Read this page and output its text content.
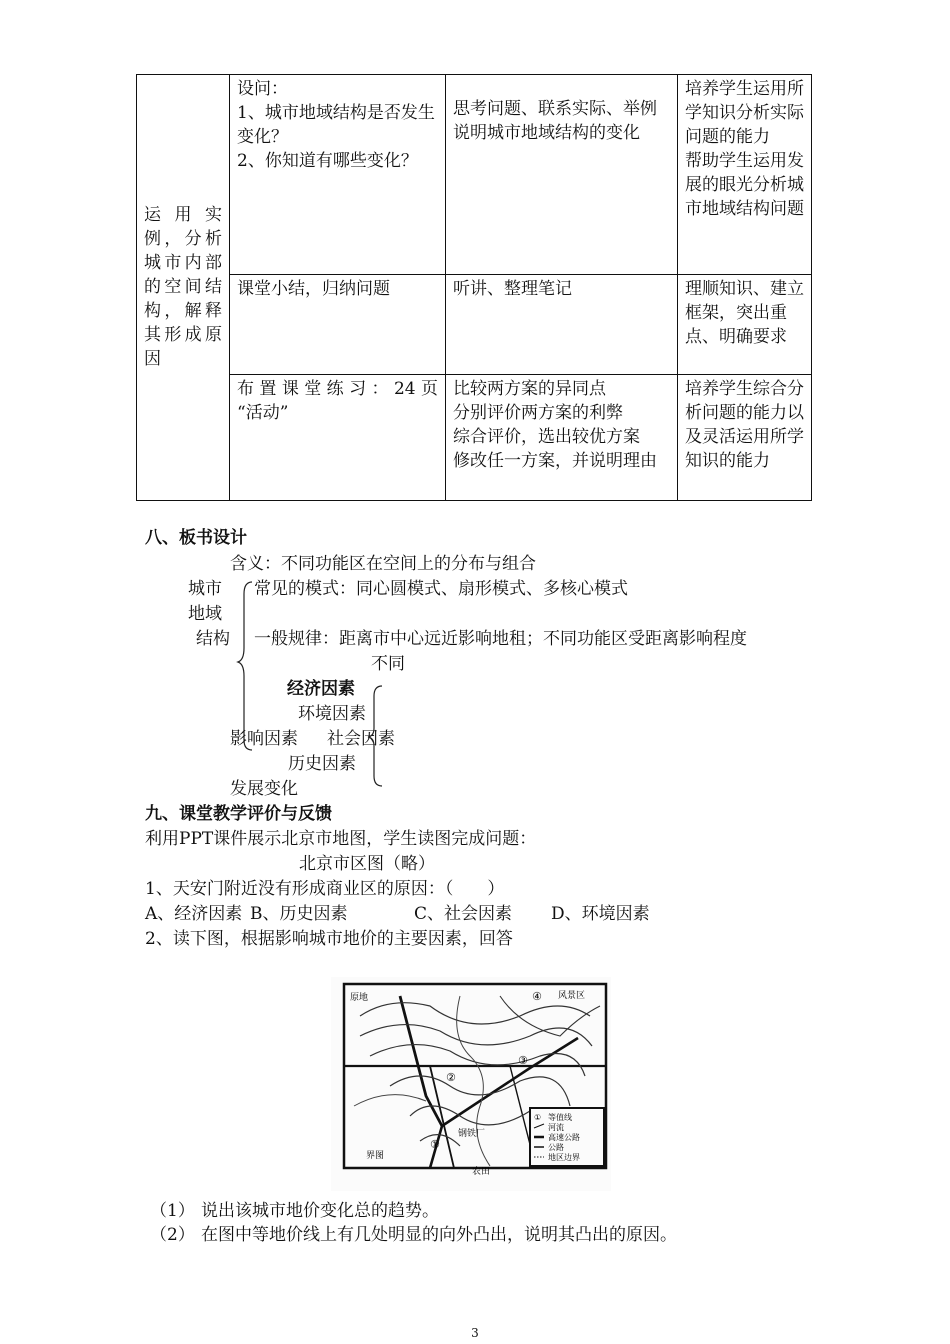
运用实例，分析城市内部的空间结构，解释其形成原因	设问：
1、城市地域结构是否发生变化？
2、你知道有哪些变化？	思考问题、联系实际、举例说明城市地域结构的变化	培养学生运用所学知识分析实际问题的能力
帮助学生运用发展的眼光分析城市地域结构问题

	课堂小结，归纳问题	听讲、整理笔记	理顺知识、建立框架，突出重点、明确要求

	布置课堂练习：24页
“活动”	比较两方案的异同点
分别评价两方案的利弊
综合评价，选出较优方案
修改任一方案，并说明理由	培养学生综合分析问题的能力以及灵活运用所学知识的能力
八、板书设计
含义：不同功能区在空间上的分布与组合
城市 常见的模式：同心圆模式、扇形模式、多核心模式
地域
结构 一般规律：距离市中心远近影响地租；不同功能区受距离影响程度
不同
经济因素
环境因素
影响因素 社会因素
历史因素
发展变化
九、课堂教学评价与反馈
利用PPT课件展示北京市地图，学生读图完成问题：
北京市区图（略）
1、天安门附近没有形成商业区的原因：（　　）
A、经济因素 B、历史因素	C、社会因素 D、环境因素
2、读下图，根据影响城市地价的主要因素，回答
原地	风景区
界图
农田
钢铁厂
①
②
③
④
① 等值线
河流
高速公路
公路
地区边界
（1） 说出该城市地价变化总的趋势。
（2） 在图中等地价线上有几处明显的向外凸出，说明其凸出的原因。
3
